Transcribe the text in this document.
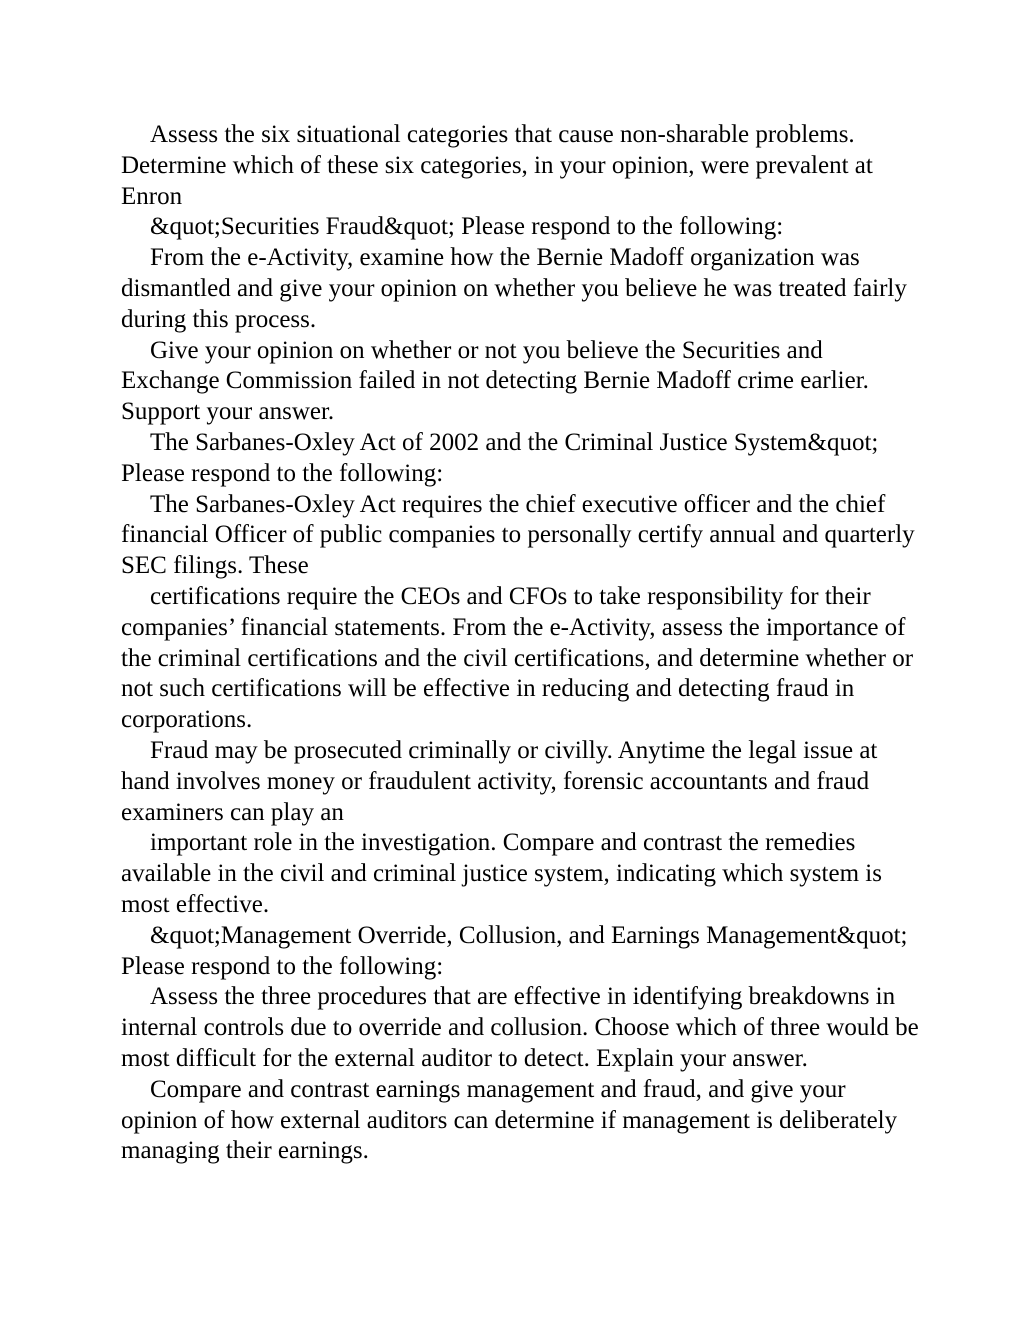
Assess the six situational categories that cause non-sharable problems. Determine which of these six categories, in your opinion, were prevalent at Enron

&quot;Securities Fraud&quot; Please respond to the following:

From the e-Activity, examine how the Bernie Madoff organization was dismantled and give your opinion on whether you believe he was treated fairly during this process.

Give your opinion on whether or not you believe the Securities and Exchange Commission failed in not detecting Bernie Madoff crime earlier. Support your answer.

The Sarbanes-Oxley Act of 2002 and the Criminal Justice System&quot; Please respond to the following:

The Sarbanes-Oxley Act requires the chief executive officer and the chief financial Officer of public companies to personally certify annual and quarterly SEC filings. These

certifications require the CEOs and CFOs to take responsibility for their companies’ financial statements. From the e-Activity, assess the importance of the criminal certifications and the civil certifications, and determine whether or not such certifications will be effective in reducing and detecting fraud in corporations.

Fraud may be prosecuted criminally or civilly. Anytime the legal issue at hand involves money or fraudulent activity, forensic accountants and fraud examiners can play an

important role in the investigation. Compare and contrast the remedies available in the civil and criminal justice system, indicating which system is most effective.

&quot;Management Override, Collusion, and Earnings Management&quot; Please respond to the following:

Assess the three procedures that are effective in identifying breakdowns in internal controls due to override and collusion. Choose which of three would be most difficult for the external auditor to detect. Explain your answer.

Compare and contrast earnings management and fraud, and give your opinion of how external auditors can determine if management is deliberately managing their earnings.
